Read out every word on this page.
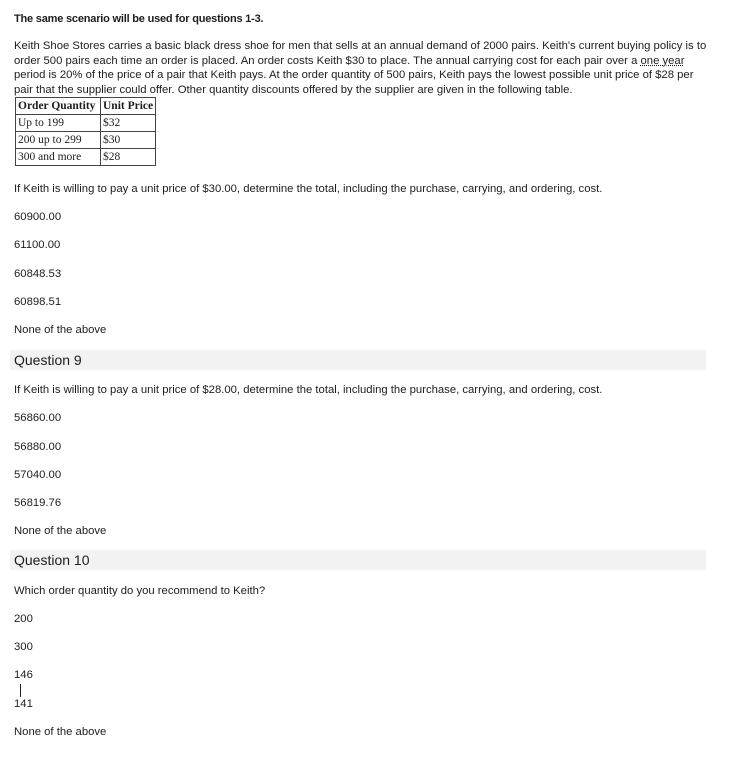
The same scenario will be used for questions 1-3.

Keith Shoe Stores carries a basic black dress shoe for men that sells at an annual demand of 2000 pairs. Keith's current buying policy is to order 500 pairs each time an order is placed. An order costs Keith $30 to place. The annual carrying cost for each pair over a one year period is 20% of the price of a pair that Keith pays. At the order quantity of 500 pairs, Keith pays the lowest possible unit price of $28 per pair that the supplier could offer. Other quantity discounts offered by the supplier are given in the following table.

Order Quantity	Unit Price
Up to 199	$32
200 up to 299	$30
300 and more	$28
If Keith is willing to pay a unit price of $30.00, determine the total, including the purchase, carrying, and ordering, cost.
60900.00
61100.00
60848.53
60898.51
None of the above
Question 9
If Keith is willing to pay a unit price of $28.00, determine the total, including the purchase, carrying, and ordering, cost.
56860.00
56880.00
57040.00
56819.76
None of the above
Question 10
Which order quantity do you recommend to Keith?
200
300
146
141
None of the above
